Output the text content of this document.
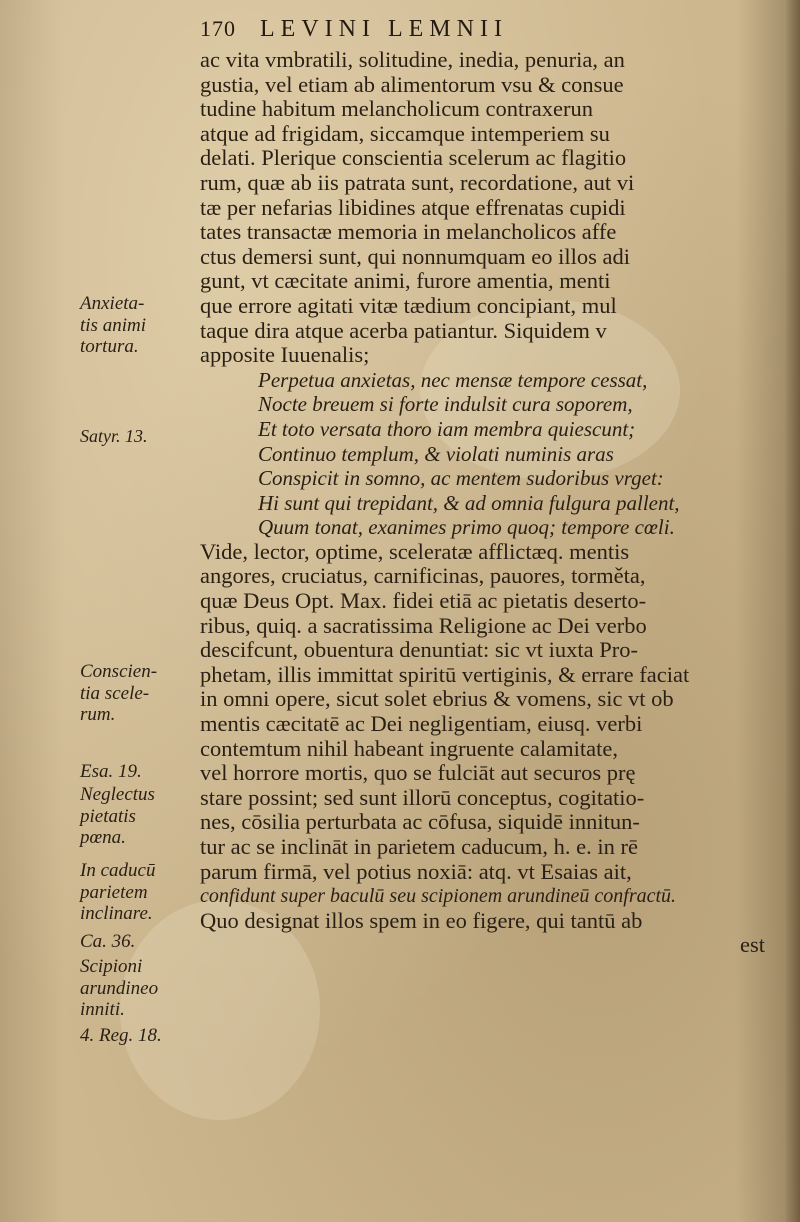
170 LEVINI LEMNII
ac vita vmbratili, solitudine, inedia, penuria, an
gustia, vel etiam ab alimentorum vsu & consue
tudine habitum melancholicum contraxerun
atque ad frigidam, siccamque intemperiem su
delati. Plerique conscientia scelerum ac flagitio
rum, quæ ab iis patrata sunt, recordatione, aut vi
tæ per nefarias libidines atque effrenatas cupidi
tates transactæ memoria in melancholicos affe
ctus demersi sunt, qui nonnumquam eo illos adi
gunt, vt cæcitate animi, furore amentia, menti
que errore agitati vitæ tædium concipiant, mul
taque dira atque acerba patiantur. Siquidem v
apposite Iuuenalis;
Perpetua anxietas, nec mensæ tempore cessat,
Nocte breuem si forte indulsit cura soporem,
Et toto versata thoro iam membra quiescunt;
Continuo templum, & violati numinis aras
Conspicit in somno, ac mentem sudoribus vrget:
Hi sunt qui trepidant, & ad omnia fulgura pallent,
Quum tonat, exanimes primo quoq; tempore cœli.
Vide, lector, optime, sceleratæ afflictæq. mentis
angores, cruciatus, carnificinas, pauores, torměta,
quæ Deus Opt. Max. fidei etiā ac pietatis deserto-
ribus, quiq. a sacratissima Religione ac Dei verbo
descifcunt, obuentura denuntiat: sic vt iuxta Pro-
phetam, illis immittat spiritū vertiginis, & errare faciat
in omni opere, sicut solet ebrius & vomens, sic vt ob
mentis cæcitatē ac Dei negligentiam, eiusq. verbi
contemtum nihil habeant ingruente calamitate,
vel horrore mortis, quo se fulciāt aut securos prę
stare possint; sed sunt illorū conceptus, cogitatio-
nes, cōsilia perturbata ac cōfusa, siquidē innitun-
tur ac se inclināt in parietem caducum, h. e. in rē
parum firmā, vel potius noxiā: atq. vt Esaias ait,
confidunt super baculū seu scipionem arundineū confractū.
Quo designat illos spem in eo figere, qui tantū ab
est
Anxieta-
tis animi
tortura.
Satyr. 13.
Conscien-
tia scele-
rum.
Esa. 19.
Neglectus
pietatis
pœna.
In caducū
parietem
inclinare.
Ca. 36.
Scipioni
arundineo
inniti.
4. Reg. 18.
